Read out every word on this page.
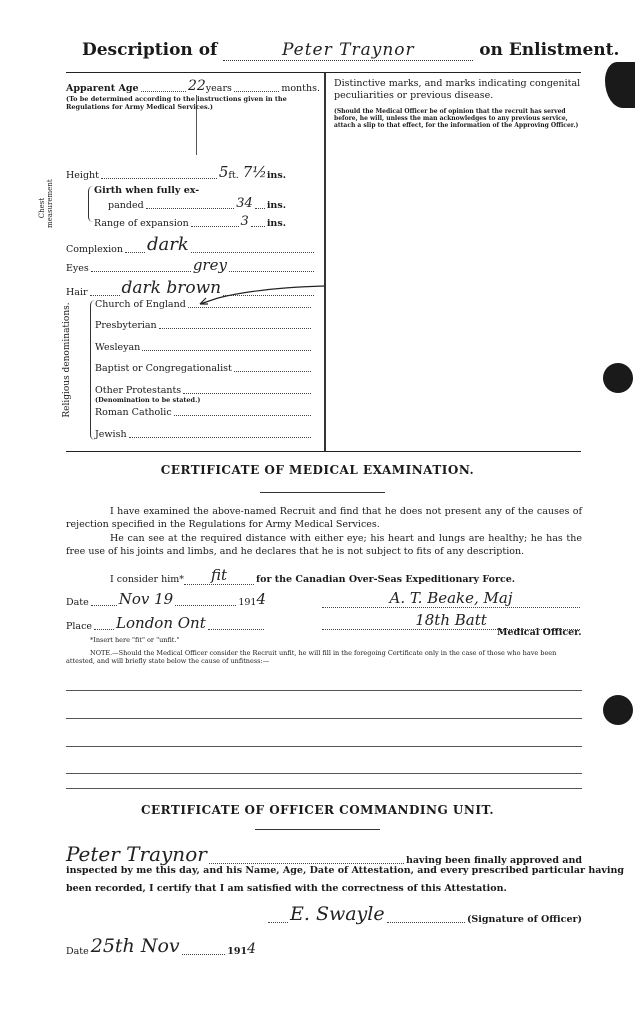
Description of	Peter Traynor	on Enlistment.
Apparent Age	22 years	months.
(To be determined according to the instructions given in the Regulations for Army Medical Services.)
Height	5 ft. 7½ ins.
Chest measurement	Girth when fully ex-
panded	34 ins.
Range of expansion	3 ins.
Complexion dark
Eyes	grey
Hair dark brown
Religious denominations. Church of England
Presbyterian
Wesleyan
Baptist or Congregationalist
Other Protestants
(Denomination to be stated.)
Roman Catholic
Jewish
Distinctive marks, and marks indicating congenital peculiarities or previous disease.
(Should the Medical Officer be of opinion that the recruit has served before, he will, unless the man acknowledges to any previous service, attach a slip to that effect, for the information of the Approving Officer.)
CERTIFICATE OF MEDICAL EXAMINATION.
I have examined the above-named Recruit and find that he does not present any of the causes of rejection specified in the Regulations for Army Medical Services.
He can see at the required distance with either eye; his heart and lungs are healthy; he has the free use of his joints and limbs, and he declares that he is not subject to fits of any description.
I consider him*	fit	for the Canadian Over-Seas Expeditionary Force.
Date Nov 19	191 4
Place London Ont
A. T. Beake, Maj
18th Batt
Medical Officer.
*Insert here "fit" or "unfit."
NOTE.—Should the Medical Officer consider the Recruit unfit, he will fill in the foregoing Certificate only in the case of those who have been attested, and will briefly state below the cause of unfitness:—
CERTIFICATE OF OFFICER COMMANDING UNIT.
Peter Traynor	having been finally approved and
inspected by me this day, and his Name, Age, Date of Attestation, and every prescribed particular having
been recorded, I certify that I am satisfied with the correctness of this Attestation.
E. Swayle	(Signature of Officer)
Date 25th Nov	191 4
